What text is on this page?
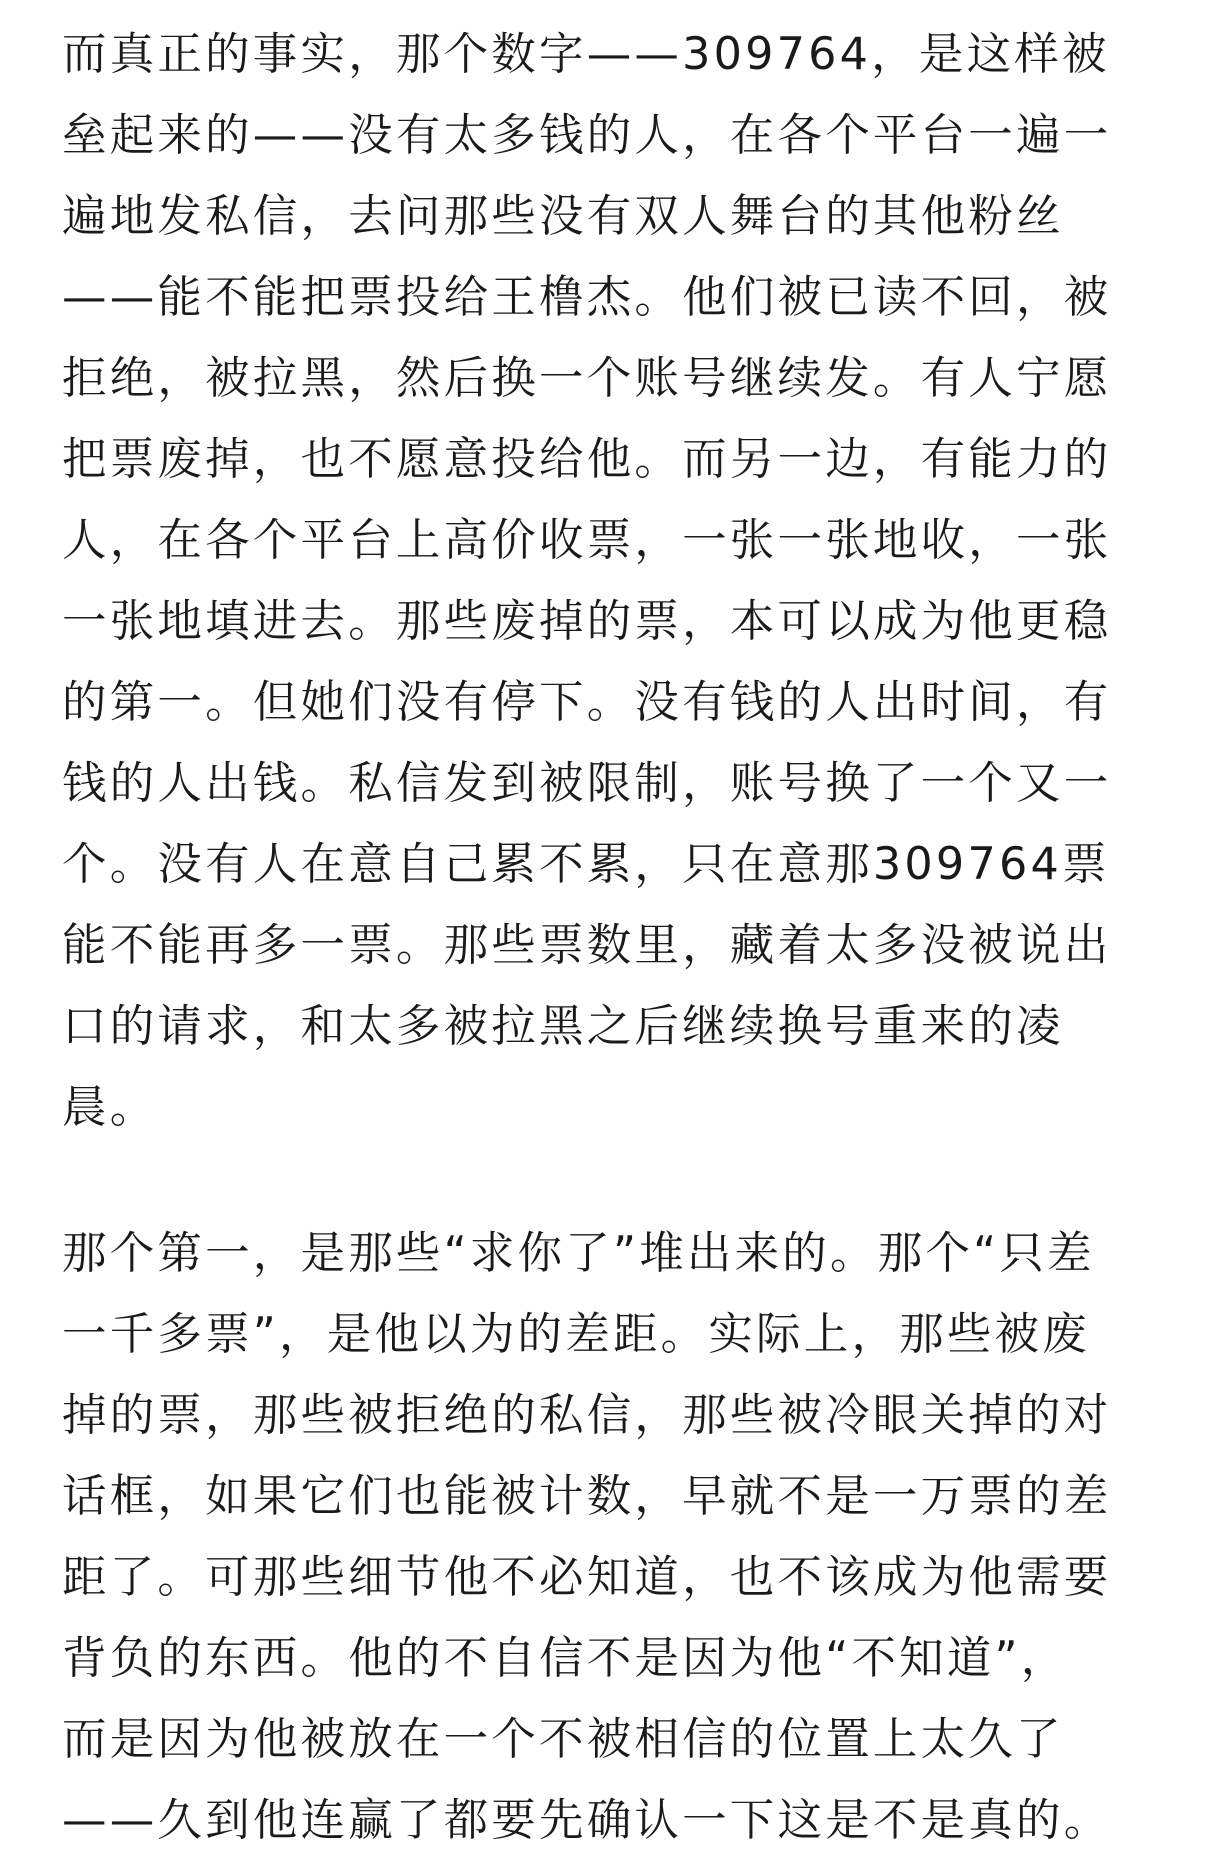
而真正的事实，那个数字——309764，是这样被
垒起来的——没有太多钱的人，在各个平台一遍一
遍地发私信，去问那些没有双人舞台的其他粉丝
——能不能把票投给王橹杰。他们被已读不回，被
拒绝，被拉黑，然后换一个账号继续发。有人宁愿
把票废掉，也不愿意投给他。而另一边，有能力的
人，在各个平台上高价收票，一张一张地收，一张
一张地填进去。那些废掉的票，本可以成为他更稳
的第一。但她们没有停下。没有钱的人出时间，有
钱的人出钱。私信发到被限制，账号换了一个又一
个。没有人在意自己累不累，只在意那309764票
能不能再多一票。那些票数里，藏着太多没被说出
口的请求，和太多被拉黑之后继续换号重来的凌
晨。
那个第一，是那些“求你了”堆出来的。那个“只差
一千多票”，是他以为的差距。实际上，那些被废
掉的票，那些被拒绝的私信，那些被冷眼关掉的对
话框，如果它们也能被计数，早就不是一万票的差
距了。可那些细节他不必知道，也不该成为他需要
背负的东西。他的不自信不是因为他“不知道”，
而是因为他被放在一个不被相信的位置上太久了
——久到他连赢了都要先确认一下这是不是真的。
